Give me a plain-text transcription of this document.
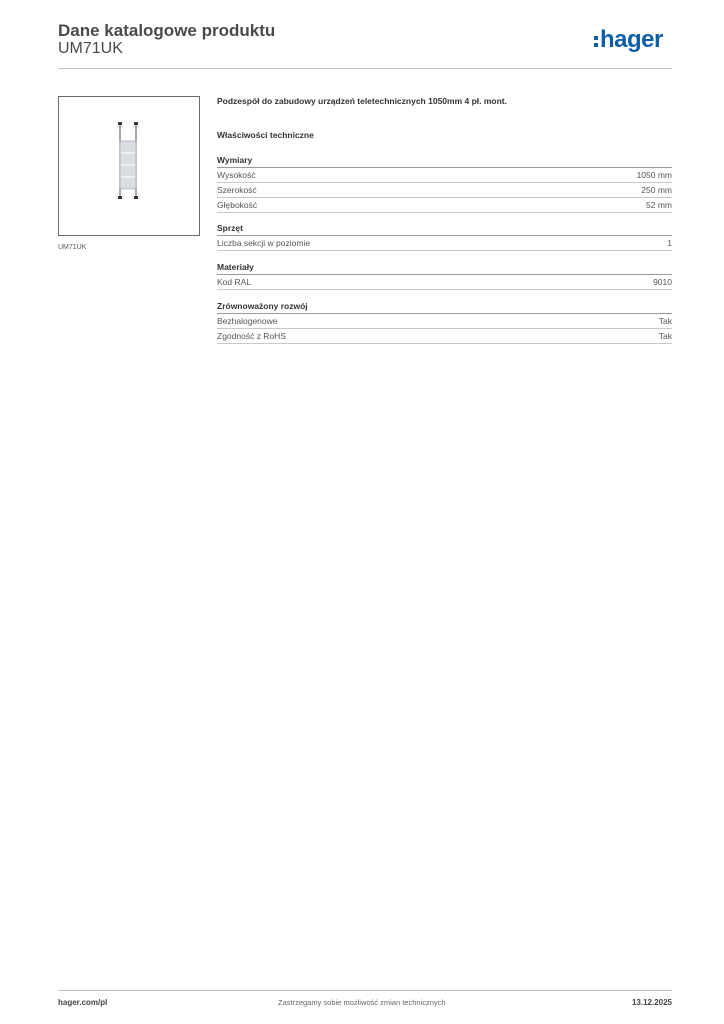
Dane katalogowe produktu
UM71UK	hager
UM71UK
Podzespół do zabudowy urządzeń teletechnicznych 1050mm 4 pł. mont.
Właściwości techniczne
Wymiary
Wysokość	1050 mm
Szerokość	250 mm
Głębokość	52 mm
Sprzęt
Liczba sekcji w poziomie	1
Materiały
Kod RAL	9010
Zrównoważony rozwój
Bezhalogenowe	Tak
Zgodność z RoHS	Tak
hager.com/pl	Zastrzegamy sobie możliwość zmian technicznych	13.12.2025
